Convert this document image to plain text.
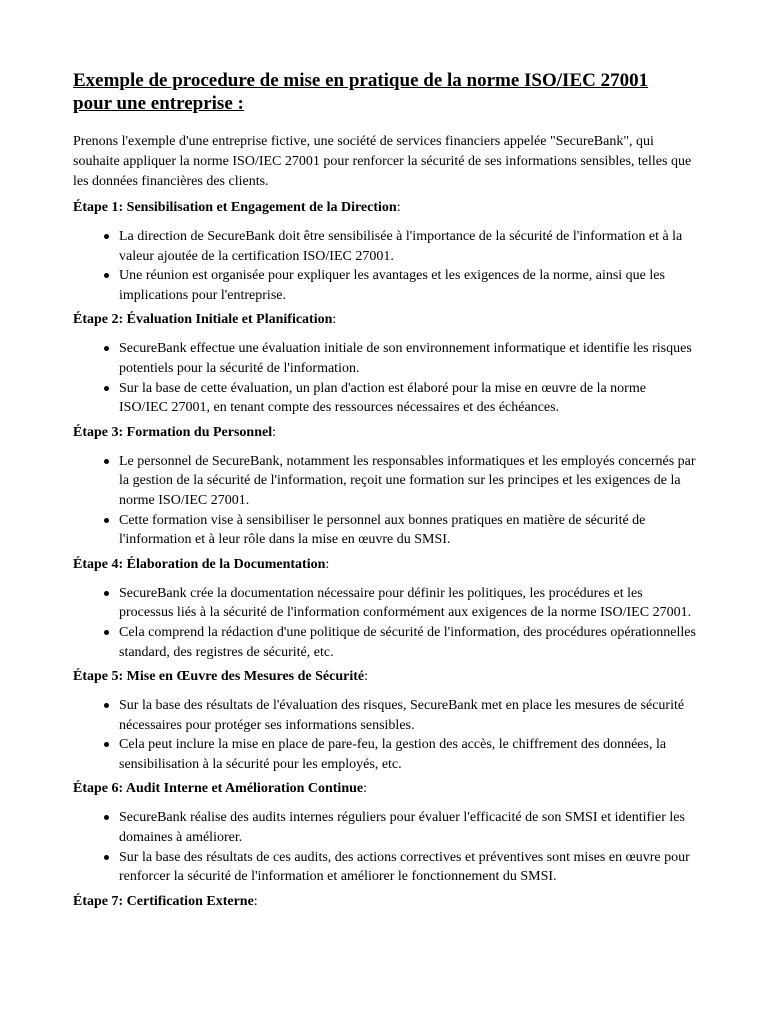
Exemple de procedure de mise en pratique de la norme ISO/IEC 27001 pour une entreprise :

Prenons l'exemple d'une entreprise fictive, une société de services financiers appelée "SecureBank", qui souhaite appliquer la norme ISO/IEC 27001 pour renforcer la sécurité de ses informations sensibles, telles que les données financières des clients.

Étape 1: Sensibilisation et Engagement de la Direction:

La direction de SecureBank doit être sensibilisée à l'importance de la sécurité de l'information et à la valeur ajoutée de la certification ISO/IEC 27001.
Une réunion est organisée pour expliquer les avantages et les exigences de la norme, ainsi que les implications pour l'entreprise.

Étape 2: Évaluation Initiale et Planification:

SecureBank effectue une évaluation initiale de son environnement informatique et identifie les risques potentiels pour la sécurité de l'information.
Sur la base de cette évaluation, un plan d'action est élaboré pour la mise en œuvre de la norme ISO/IEC 27001, en tenant compte des ressources nécessaires et des échéances.

Étape 3: Formation du Personnel:

Le personnel de SecureBank, notamment les responsables informatiques et les employés concernés par la gestion de la sécurité de l'information, reçoit une formation sur les principes et les exigences de la norme ISO/IEC 27001.
Cette formation vise à sensibiliser le personnel aux bonnes pratiques en matière de sécurité de l'information et à leur rôle dans la mise en œuvre du SMSI.

Étape 4: Élaboration de la Documentation:

SecureBank crée la documentation nécessaire pour définir les politiques, les procédures et les processus liés à la sécurité de l'information conformément aux exigences de la norme ISO/IEC 27001.
Cela comprend la rédaction d'une politique de sécurité de l'information, des procédures opérationnelles standard, des registres de sécurité, etc.

Étape 5: Mise en Œuvre des Mesures de Sécurité:

Sur la base des résultats de l'évaluation des risques, SecureBank met en place les mesures de sécurité nécessaires pour protéger ses informations sensibles.
Cela peut inclure la mise en place de pare-feu, la gestion des accès, le chiffrement des données, la sensibilisation à la sécurité pour les employés, etc.

Étape 6: Audit Interne et Amélioration Continue:

SecureBank réalise des audits internes réguliers pour évaluer l'efficacité de son SMSI et identifier les domaines à améliorer.
Sur la base des résultats de ces audits, des actions correctives et préventives sont mises en œuvre pour renforcer la sécurité de l'information et améliorer le fonctionnement du SMSI.

Étape 7: Certification Externe:
